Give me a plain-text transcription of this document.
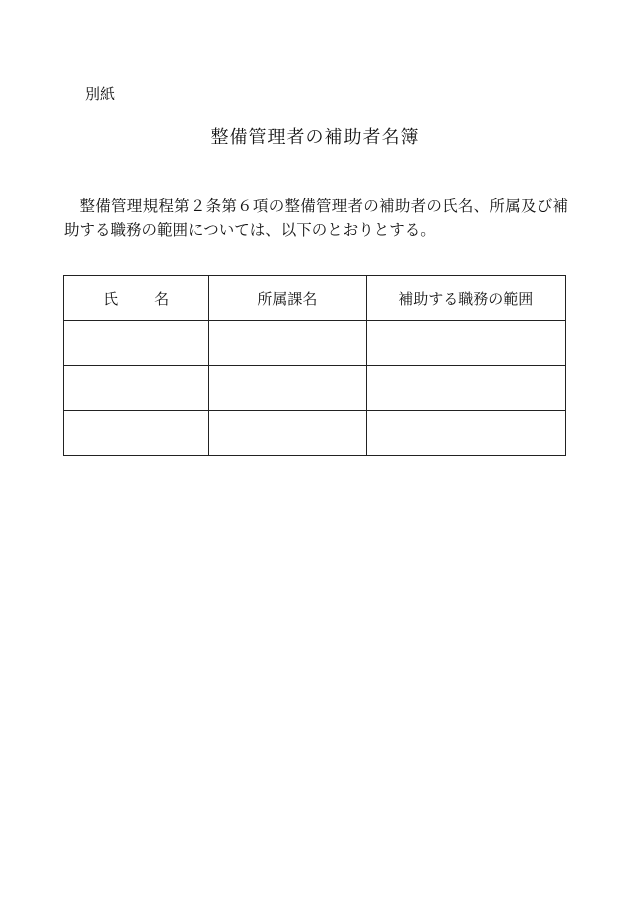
別紙
整備管理者の補助者名簿
整備管理規程第２条第６項の整備管理者の補助者の氏名、所属及び補助する職務の範囲については、以下のとおりとする。
氏名	所属課名	補助する職務の範囲
